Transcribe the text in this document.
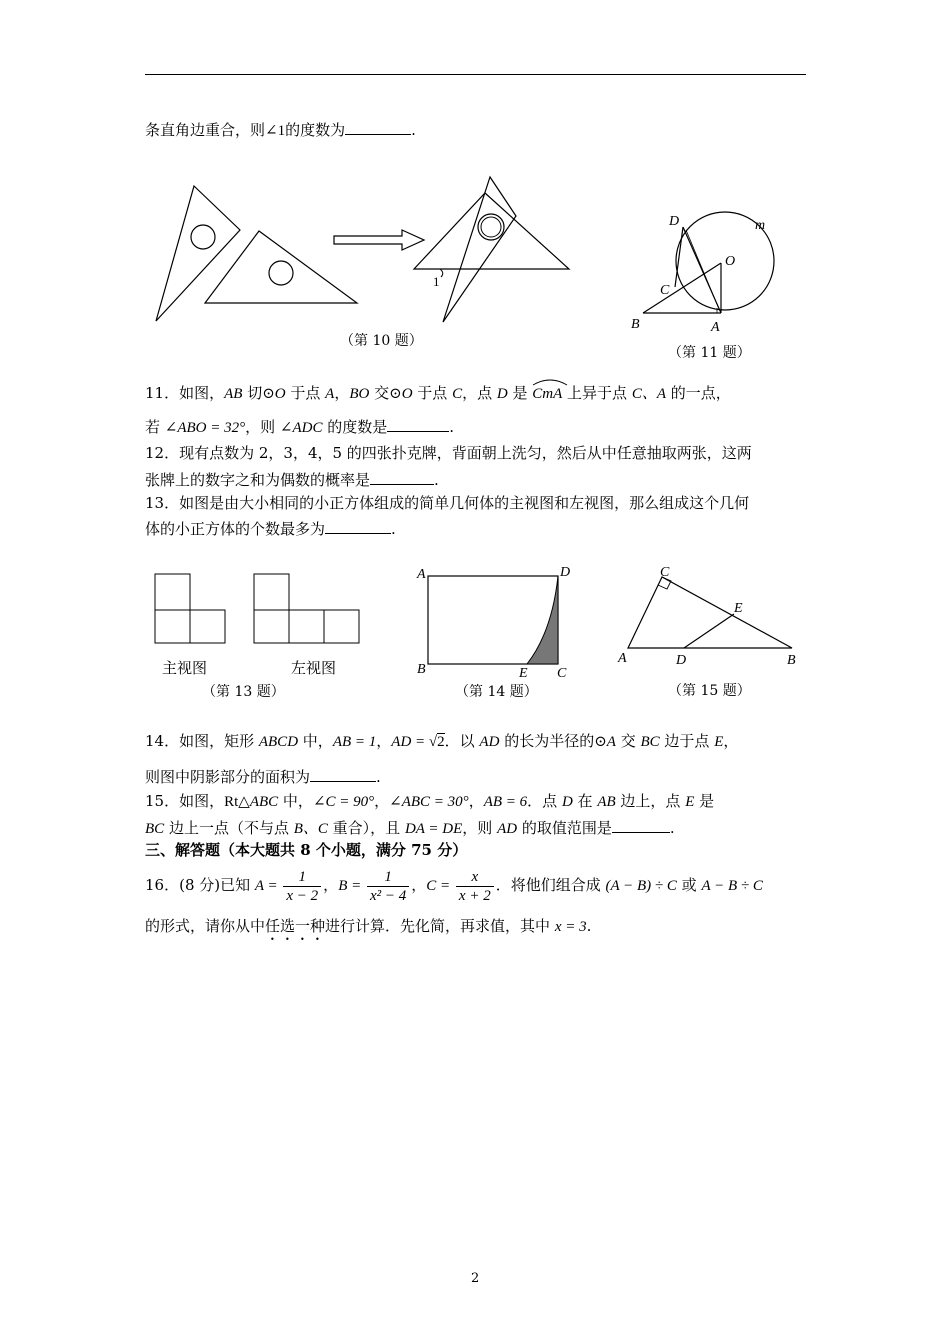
条直角边重合，则∠1的度数为	.
1
（第 10 题）
D	m
O
C
B	A
（第 11 题）
11．如图，AB 切⊙O 于点 A，BO 交⊙O 于点 C，点 D 是 CmA
上异于点 C、A 的一点，
若 ∠ABO = 32°，则 ∠ADC 的度数是	.
12．现有点数为 2，3，4，5 的四张扑克牌，背面朝上洗匀，然后从中任意抽取两张，这两
张牌上的数字之和为偶数的概率是	.
13．如图是由大小相同的小正方体组成的简单几何体的主视图和左视图，那么组成这个几何
体的小正方体的个数最多为	.
主视图	左视图
（第 13 题）
A	D
B	E C
（第 14 题）
C
E
A	D	B
（第 15 题）
14．如图，矩形 ABCD 中，AB = 1，AD = √2．以 AD 的长为半径的⊙A 交 BC 边于点 E，
则图中阴影部分的面积为	.
15．如图，Rt△ABC 中，∠C = 90°，∠ABC = 30°，AB = 6．点 D 在 AB 边上，点 E 是
BC 边上一点（不与点 B、C 重合），且 DA = DE，则 AD 的取值范围是	.
三、解答题（本大题共 8 个小题，满分 75 分）
16．(8 分)已知 $A = \frac{1}{x - 2}$ ，$B = \frac{1}{\text{x² − 4}}$ ，$C = \frac{x}{x + 2}$ ．将他们组合成 (A − B) ÷ C 或 A − B ÷ C
的形式，请你从中任选一种进行计算．先化简，再求值，其中 x = 3.
2
